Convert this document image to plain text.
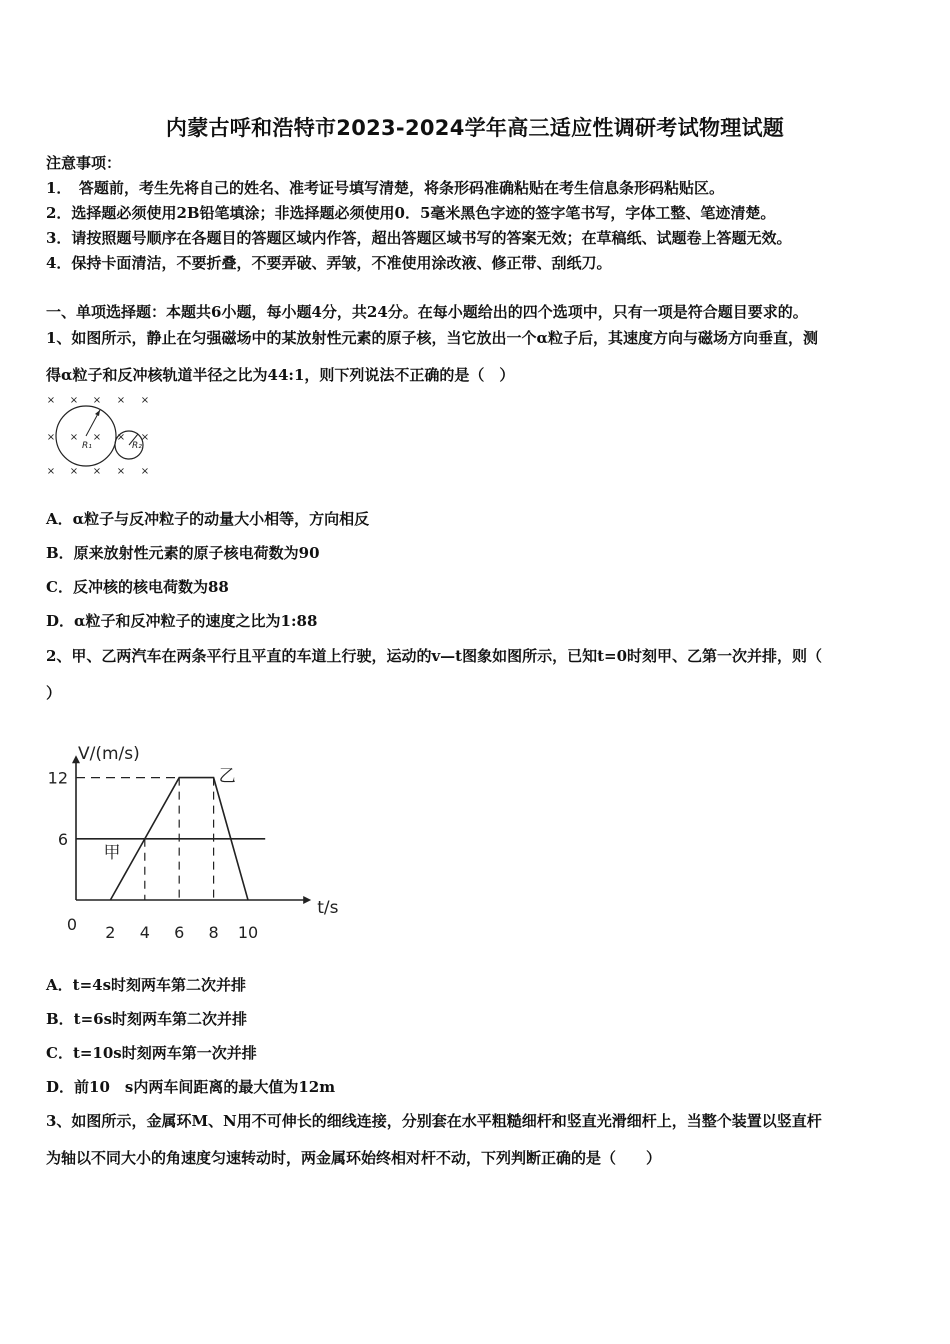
内蒙古呼和浩特市2023-2024学年高三适应性调研考试物理试题
注意事项：
1．　答题前，考生先将自己的姓名、准考证号填写清楚，将条形码准确粘贴在考生信息条形码粘贴区。
2．选择题必须使用2B铅笔填涂；非选择题必须使用0．5毫米黑色字迹的签字笔书写，字体工整、笔迹清楚。
3．请按照题号顺序在各题目的答题区域内作答，超出答题区域书写的答案无效；在草稿纸、试题卷上答题无效。
4．保持卡面清洁，不要折叠，不要弄破、弄皱，不准使用涂改液、修正带、刮纸刀。
一、单项选择题：本题共6小题，每小题4分，共24分。在每小题给出的四个选项中，只有一项是符合题目要求的。
1、如图所示，静止在匀强磁场中的某放射性元素的原子核，当它放出一个α粒子后，其速度方向与磁场方向垂直，测
得α粒子和反冲核轨道半径之比为44:1，则下列说法不正确的是（　）
× × × × ×
× × × × ×
× × × × ×
R₁	R₂
A．α粒子与反冲粒子的动量大小相等，方向相反
B．原来放射性元素的原子核电荷数为90
C．反冲核的核电荷数为88
D．α粒子和反冲粒子的速度之比为1:88
2、甲、乙两汽车在两条平行且平直的车道上行驶，运动的v—t图象如图所示，已知t=0时刻甲、乙第一次并排，则（
）
V/(m/s)
t/s
0 2 4 6 8 10
6
12
甲
乙
A．t=4s时刻两车第二次并排
B．t=6s时刻两车第二次并排
C．t=10s时刻两车第一次并排
D．前10　s内两车间距离的最大值为12m
3、如图所示，金属环M、N用不可伸长的细线连接，分别套在水平粗糙细杆和竖直光滑细杆上，当整个装置以竖直杆
为轴以不同大小的角速度匀速转动时，两金属环始终相对杆不动，下列判断正确的是（　　）
